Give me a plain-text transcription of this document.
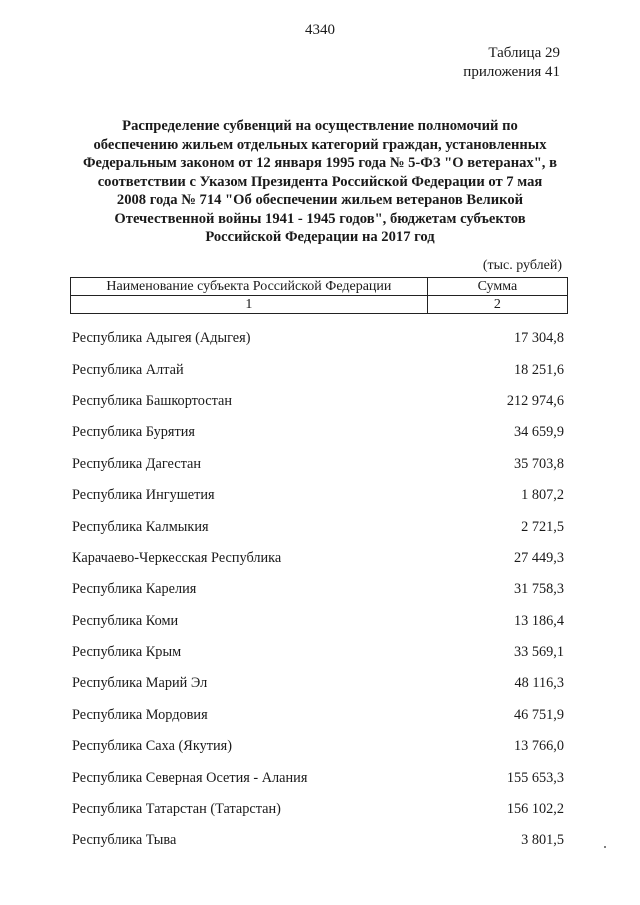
4340
Таблица 29
приложения 41
Распределение субвенций на осуществление полномочий по
обеспечению жильем отдельных категорий граждан, установленных
Федеральным законом от 12 января 1995 года № 5-ФЗ "О ветеранах", в
соответствии с Указом Президента Российской Федерации от 7 мая
2008 года № 714 "Об обеспечении жильем ветеранов Великой
Отечественной войны 1941 - 1945 годов", бюджетам субъектов
Российской Федерации на 2017 год
(тыс. рублей)
Наименование субъекта Российской Федерации	Сумма
1	2
Республика Адыгея (Адыгея)	17 304,8
Республика Алтай	18 251,6
Республика Башкортостан	212 974,6
Республика Бурятия	34 659,9
Республика Дагестан	35 703,8
Республика Ингушетия	1 807,2
Республика Калмыкия	2 721,5
Карачаево-Черкесская Республика	27 449,3
Республика Карелия	31 758,3
Республика Коми	13 186,4
Республика Крым	33 569,1
Республика Марий Эл	48 116,3
Республика Мордовия	46 751,9
Республика Саха (Якутия)	13 766,0
Республика Северная Осетия - Алания	155 653,3
Республика Татарстан (Татарстан)	156 102,2
Республика Тыва	3 801,5
